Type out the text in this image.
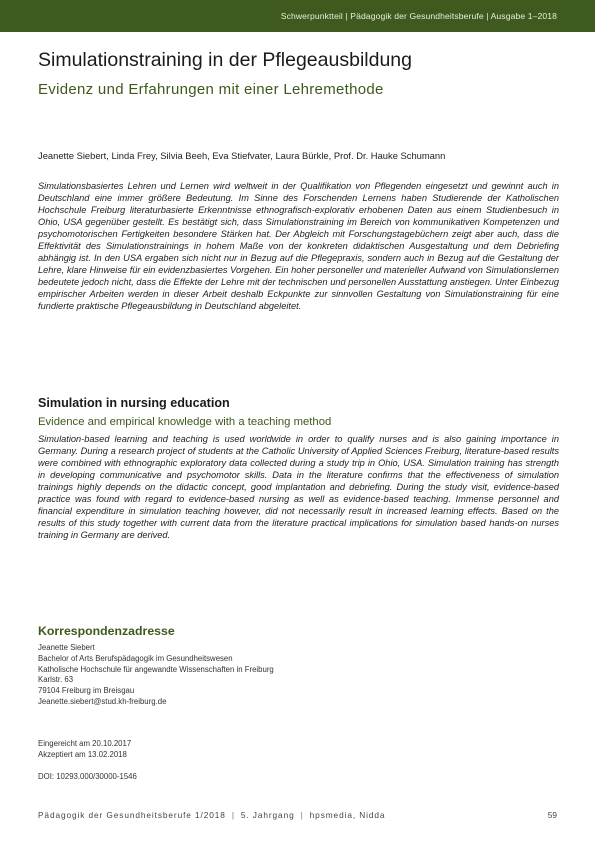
Schwerpunktteil | Pädagogik der Gesundheitsberufe | Ausgabe 1–2018
Simulationstraining in der Pflegeausbildung
Evidenz und Erfahrungen mit einer Lehremethode
Jeanette Siebert, Linda Frey, Silvia Beeh, Eva Stiefvater, Laura Bürkle, Prof. Dr. Hauke Schumann

Simulationsbasiertes Lehren und Lernen wird weltweit in der Qualifikation von Pflegenden eingesetzt und gewinnt auch in Deutschland eine immer größere Bedeutung. Im Sinne des Forschenden Lernens haben Studierende der Katholischen Hochschule Freiburg literaturbasierte Erkenntnisse ethnografisch-explorativ erhobenen Daten aus einem Studienbesuch in Ohio, USA gegenüber gestellt. Es bestätigt sich, dass Simulationstraining im Bereich von kommunikativen Kompetenzen und psychomotorischen Fertigkeiten besondere Stärken hat. Der Abgleich mit Forschungstagebüchern zeigt aber auch, dass die Effektivität des Simulationstrainings in hohem Maße von der konkreten didaktischen Ausgestaltung und dem Debriefing abhängig ist. In den USA ergaben sich nicht nur in Bezug auf die Pflegepraxis, sondern auch in Bezug auf die Gestaltung der Lehre, klare Hinweise für ein evidenzbasiertes Vorgehen. Ein hoher personeller und materieller Aufwand von Simulationslernen bedeutete jedoch nicht, dass die Effekte der Lehre mit der technischen und personellen Ausstattung anstiegen. Unter Einbezug empirischer Arbeiten werden in dieser Arbeit deshalb Eckpunkte zur sinnvollen Gestaltung von Simulationstraining für eine fundierte praktische Pflegeausbildung in Deutschland abgeleitet.

Simulation in nursing education
Evidence and empirical knowledge with a teaching method

Simulation-based learning and teaching is used worldwide in order to qualify nurses and is also gaining importance in Germany. During a research project of students at the Catholic University of Applied Sciences Freiburg, literature-based results were combined with ethnographic exploratory data collected during a study trip in Ohio, USA. Simulation training has strength in developing communicative and psychomotor skills. Data in the literature confirms that the effectiveness of simulation trainings highly depends on the didactic concept, good implantation and debriefing. During the study visit, evidence-based practice was found with regard to evidence-based nursing as well as evidence-based teaching. Immense personnel and financial expenditure in simulation teaching however, did not necessarily result in increased learning effects. Based on the results of this study together with current data from the literature practical implications for simulation based hands-on nurses training in Germany are derived.

Korrespondenzadresse
Jeanette Siebert
Bachelor of Arts Berufspädagogik im Gesundheitswesen
Katholische Hochschule für angewandte Wissenschaften in Freiburg
Karlstr. 63
79104 Freiburg im Breisgau
Jeanette.siebert@stud.kh-freiburg.de
Eingereicht am 20.10.2017
Akzeptiert am 13.02.2018
DOI: 10293.000/30000-1546
Pädagogik der Gesundheitsberufe 1/2018 | 5. Jahrgang | hpsmedia, Nidda	59
